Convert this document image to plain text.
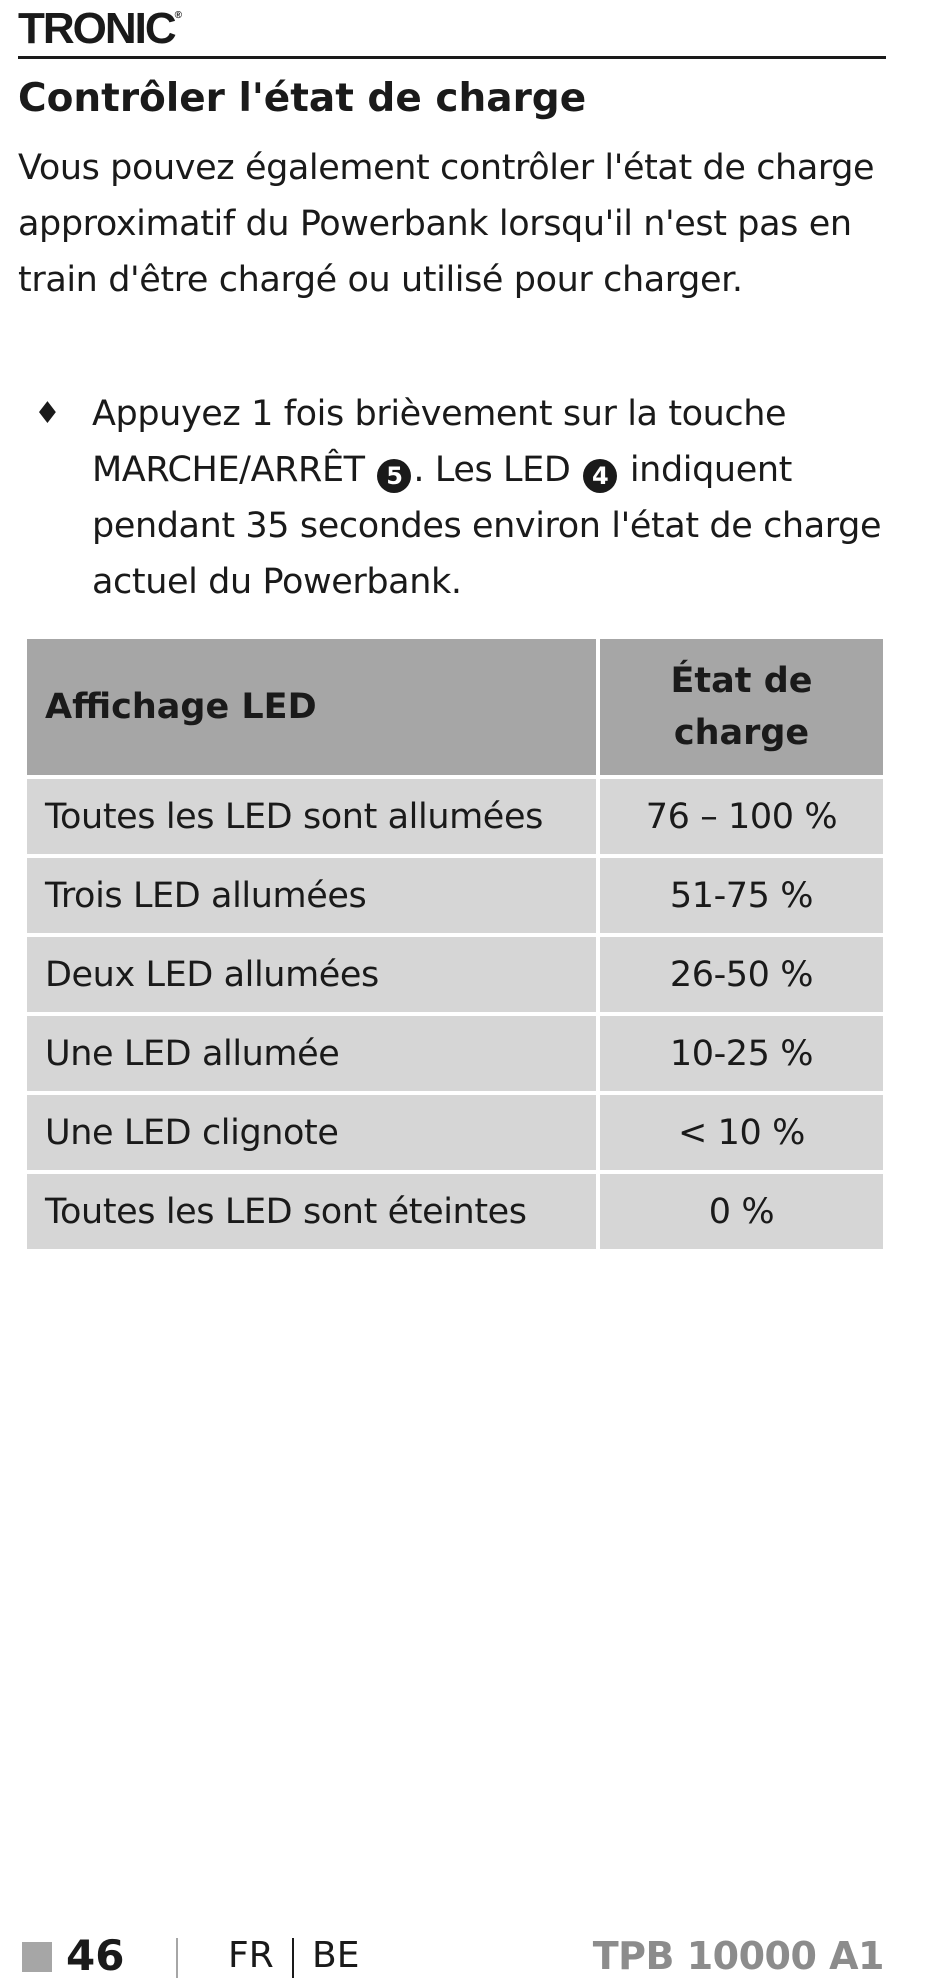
TRONIC®
Contrôler l'état de charge

Vous pouvez également contrôler l'état de charge approximatif du Powerbank lorsqu'il n'est pas en train d'être chargé ou utilisé pour charger.

♦ Appuyez 1 fois brièvement sur la touche MARCHE/ARRÊT 5 . Les LED 4 indiquent pendant 35 secondes environ l'état de charge actuel du Powerbank.

Affichage LED	État de
charge
Toutes les LED sont allumées	76 – 100 %
Trois LED allumées	51-75 %
Deux LED allumées	26-50 %
Une LED allumée	10-25 %
Une LED clignote	< 10 %
Toutes les LED sont éteintes	0 %
46	FR BE	TPB 10000 A1
